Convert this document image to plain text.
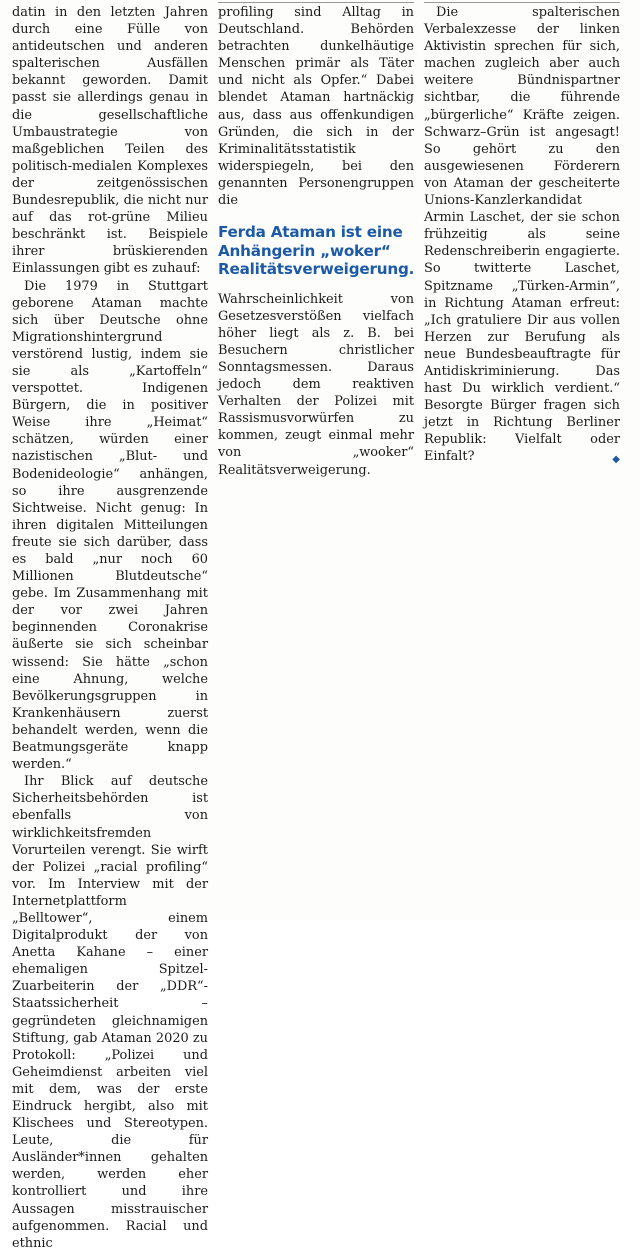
datin in den letzten Jahren durch eine Fülle von antideutschen und anderen spalterischen Ausfällen bekannt geworden. Damit passt sie allerdings genau in die gesellschaftliche Umbaustrategie von maßgeblichen Teilen des politisch-medialen Komplexes der zeitgenössischen Bundesrepublik, die nicht nur auf das rot-grüne Milieu beschränkt ist. Beispiele ihrer brüskierenden Einlassungen gibt es zuhauf:

Die 1979 in Stuttgart geborene Ataman machte sich über Deutsche ohne Migrationshintergrund verstörend lustig, indem sie sie als „Kartoffeln“ verspottet. Indigenen Bürgern, die in positiver Weise ihre „Heimat“ schätzen, würden einer nazistischen „Blut- und Bodenideologie“ anhängen, so ihre ausgrenzende Sichtweise. Nicht genug: In ihren digitalen Mitteilungen freute sie sich darüber, dass es bald „nur noch 60 Millionen Blutdeutsche“ gebe. Im Zusammenhang mit der vor zwei Jahren beginnenden Coronakrise äußerte sie sich scheinbar wissend: Sie hätte „schon eine Ahnung, welche Bevölkerungsgruppen in Krankenhäusern zuerst behandelt werden, wenn die Beatmungsgeräte knapp werden.“

Ihr Blick auf deutsche Sicherheitsbehörden ist ebenfalls von wirklichkeitsfremden Vorurteilen verengt. Sie wirft der Polizei „racial profiling“ vor. Im Interview mit der Internetplattform „Belltower“, einem Digitalprodukt der von Anetta Kahane – einer ehemaligen Spitzel-Zuarbeiterin der „DDR“-Staatssicherheit – gegründeten gleichnamigen Stiftung, gab Ataman 2020 zu Protokoll: „Polizei und Geheimdienst arbeiten viel mit dem, was der erste Eindruck hergibt, also mit Klischees und Stereotypen. Leute, die für Ausländer*innen gehalten werden, werden eher kontrolliert und ihre Aussagen misstrauischer aufgenommen. Racial und ethnic

profiling sind Alltag in Deutschland. Behörden betrachten dunkelhäutige Menschen primär als Täter und nicht als Opfer.“ Dabei blendet Ataman hartnäckig aus, dass aus offenkundigen Gründen, die sich in der Kriminalitätsstatistik widerspiegeln, bei den genannten Personengruppen die

Ferda Ataman ist eine Anhängerin „woker“ Realitätsverweigerung.

Wahrscheinlichkeit von Gesetzesverstößen vielfach höher liegt als z. B. bei Besuchern christlicher Sonntagsmessen. Daraus jedoch dem reaktiven Verhalten der Polizei mit Rassismusvorwürfen zu kommen, zeugt einmal mehr von „wooker“ Realitätsverweigerung.

Die spalterischen Verbalexzesse der linken Aktivistin sprechen für sich, machen zugleich aber auch weitere Bündnispartner sichtbar, die führende „bürgerliche“ Kräfte zeigen. Schwarz–Grün ist angesagt! So gehört zu den ausgewiesenen Förderern von Ataman der gescheiterte Unions-Kanzlerkandidat Armin Laschet, der sie schon frühzeitig als seine Redenschreiberin engagierte. So twitterte Laschet, Spitzname „Türken-Armin“, in Richtung Ataman erfreut: „Ich gratuliere Dir aus vollen Herzen zur Berufung als neue Bundesbeauftragte für Antidiskriminierung. Das hast Du wirklich verdient.“ Besorgte Bürger fragen sich jetzt in Richtung Berliner Republik: Vielfalt oder Einfalt?	◆
